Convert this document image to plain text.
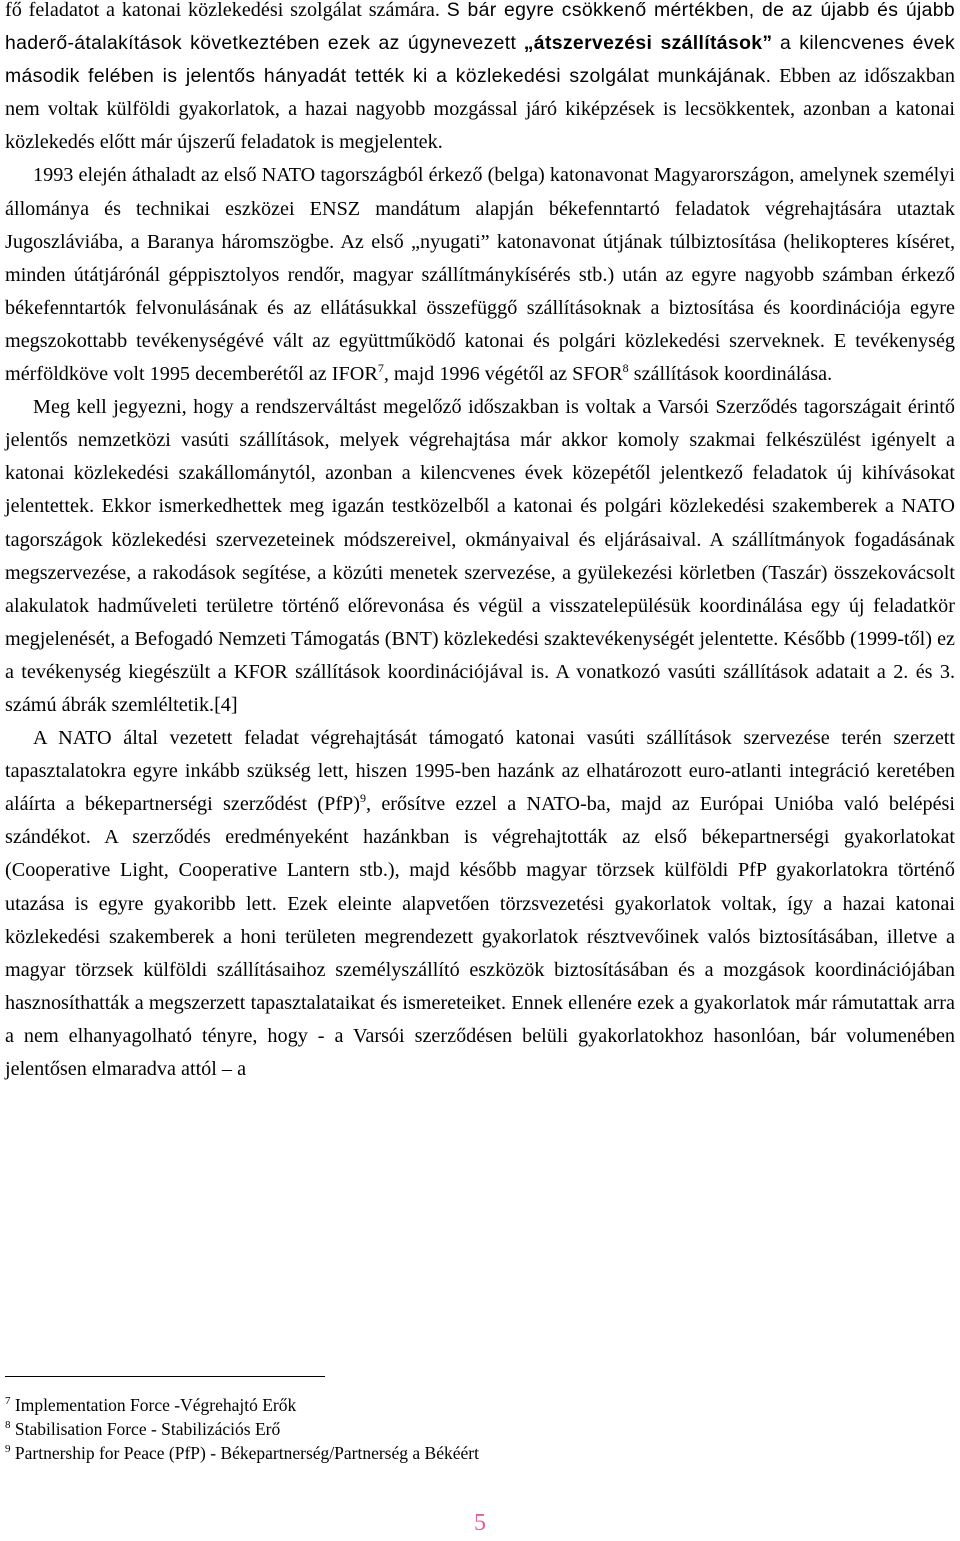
fő feladatot a katonai közlekedési szolgálat számára. S bár egyre csökkenő mértékben, de az újabb és újabb haderő-átalakítások következtében ezek az úgynevezett „átszervezési szállítások” a kilencvenes évek második felében is jelentős hányadát tették ki a közlekedési szolgálat munkájának. Ebben az időszakban nem voltak külföldi gyakorlatok, a hazai nagyobb mozgással járó kiképzések is lecsökkentek, azonban a katonai közlekedés előtt már újszerű feladatok is megjelentek.

1993 elején áthaladt az első NATO tagországból érkező (belga) katonavonat Magyarországon, amelynek személyi állománya és technikai eszközei ENSZ mandátum alapján békefenntartó feladatok végrehajtására utaztak Jugoszláviába, a Baranya háromszögbe. Az első „nyugati” katonavonat útjának túlbiztosítása (helikopteres kíséret, minden útátjárónál géppisztolyos rendőr, magyar szállítmánykísérés stb.) után az egyre nagyobb számban érkező békefenntartók felvonulásának és az ellátásukkal összefüggő szállításoknak a biztosítása és koordinációja egyre megszokottabb tevékenységévé vált az együttműködő katonai és polgári közlekedési szerveknek. E tevékenység mérföldköve volt 1995 decemberétől az IFOR$^7$, majd 1996 végétől az SFOR$^8$ szállítások koordinálása.

Meg kell jegyezni, hogy a rendszerváltást megelőző időszakban is voltak a Varsói Szerződés tagországait érintő jelentős nemzetközi vasúti szállítások, melyek végrehajtása már akkor komoly szakmai felkészülést igényelt a katonai közlekedési szakállománytól, azonban a kilencvenes évek közepétől jelentkező feladatok új kihívásokat jelentettek. Ekkor ismerkedhettek meg igazán testközelből a katonai és polgári közlekedési szakemberek a NATO tagországok közlekedési szervezeteinek módszereivel, okmányaival és eljárásaival. A szállítmányok fogadásának megszervezése, a rakodások segítése, a közúti menetek szervezése, a gyülekezési körletben (Taszár) összekovácsolt alakulatok hadműveleti területre történő előrevonása és végül a visszatelepülésük koordinálása egy új feladatkör megjelenését, a Befogadó Nemzeti Támogatás (BNT) közlekedési szaktevékenységét jelentette. Később (1999-től) ez a tevékenység kiegészült a KFOR szállítások koordinációjával is. A vonatkozó vasúti szállítások adatait a 2. és 3. számú ábrák szemléltetik.[4]

A NATO által vezetett feladat végrehajtását támogató katonai vasúti szállítások szervezése terén szerzett tapasztalatokra egyre inkább szükség lett, hiszen 1995-ben hazánk az elhatározott euro-atlanti integráció keretében aláírta a békepartnerségi szerződést (PfP)$^9$, erősítve ezzel a NATO-ba, majd az Európai Unióba való belépési szándékot. A szerződés eredményeként hazánkban is végrehajtották az első békepartnerségi gyakorlatokat (Cooperative Light, Cooperative Lantern stb.), majd később magyar törzsek külföldi PfP gyakorlatokra történő utazása is egyre gyakoribb lett. Ezek eleinte alapvetően törzsvezetési gyakorlatok voltak, így a hazai katonai közlekedési szakemberek a honi területen megrendezett gyakorlatok résztvevőinek valós biztosításában, illetve a magyar törzsek külföldi szállításaihoz személyszállító eszközök biztosításában és a mozgások koordinációjában hasznosíthatták a megszerzett tapasztalataikat és ismereteiket. Ennek ellenére ezek a gyakorlatok már rámutattak arra a nem elhanyagolható tényre, hogy - a Varsói szerződésen belüli gyakorlatokhoz hasonlóan, bár volumenében jelentősen elmaradva attól – a

$^7$ Implementation Force -Végrehajtó Erők
$^8$ Stabilisation Force - Stabilizációs Erő
$^9$ Partnership for Peace (PfP) - Békepartnerség/Partnerség a Békéért
5
